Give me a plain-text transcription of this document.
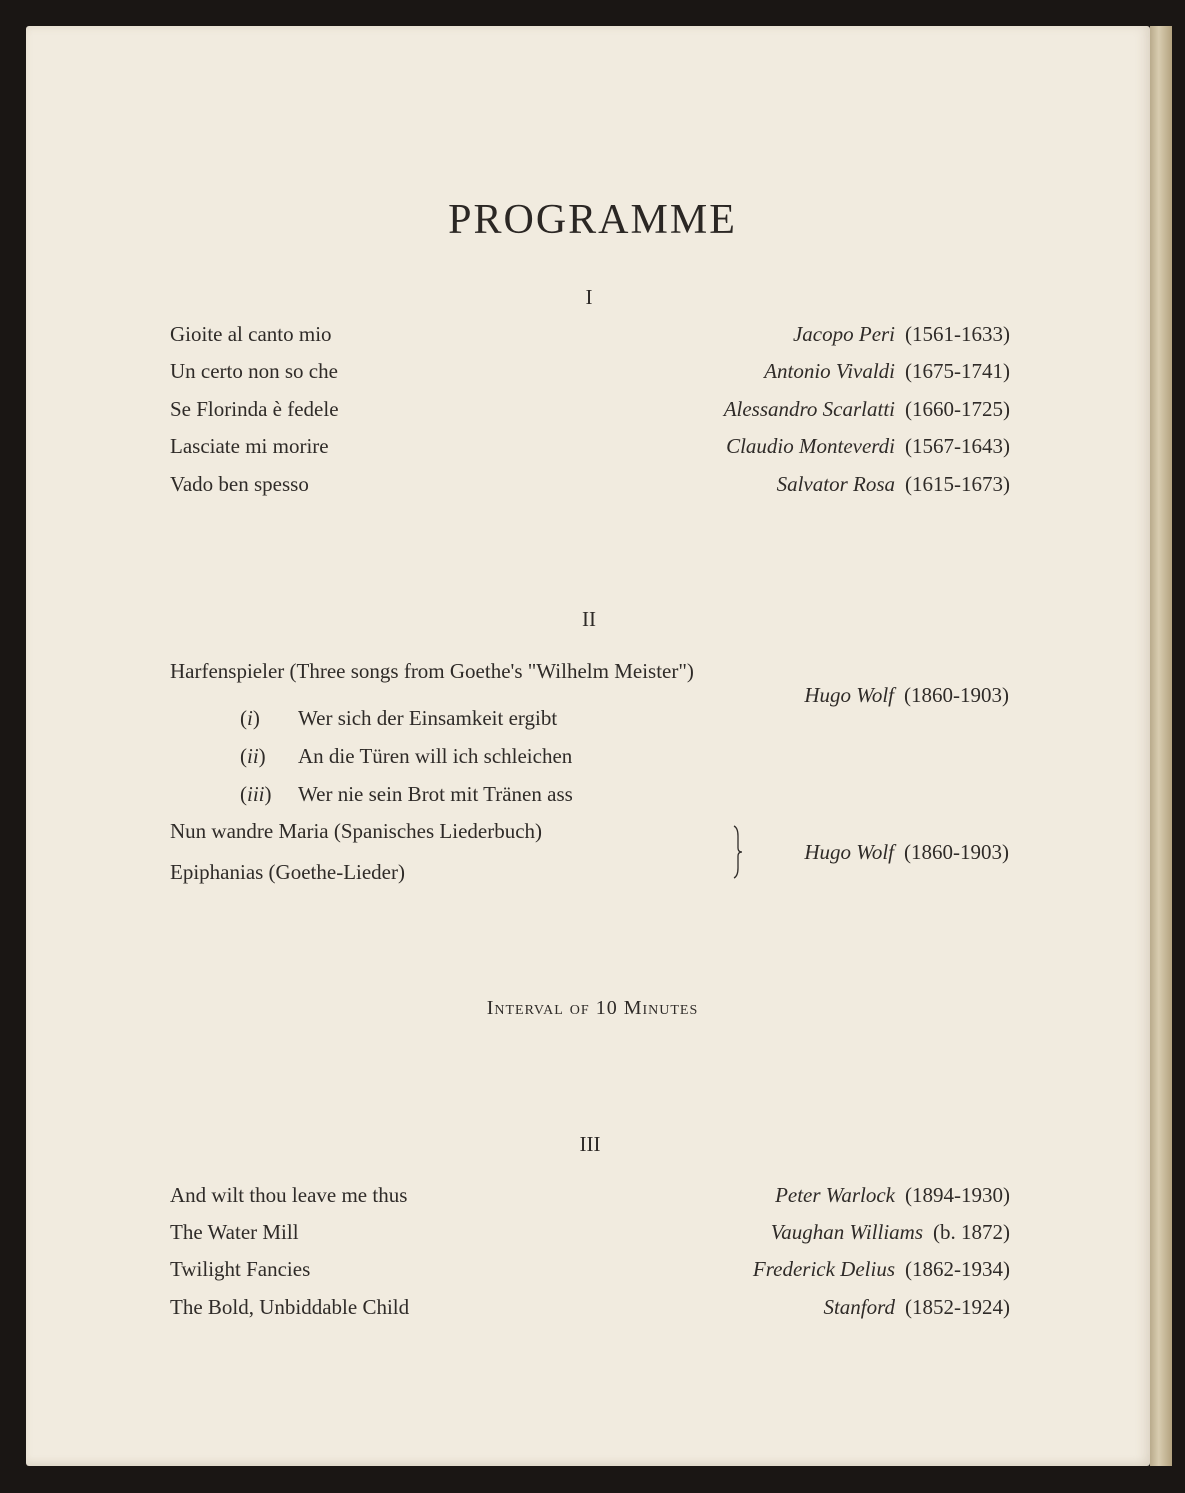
PROGRAMME
I
Gioite al canto mio	Jacopo Peri (1561-1633)
Un certo non so che	Antonio Vivaldi (1675-1741)
Se Florinda è fedele	Alessandro Scarlatti (1660-1725)
Lasciate mi morire	Claudio Monteverdi (1567-1643)
Vado ben spesso	Salvator Rosa (1615-1673)
II
Harfenspieler (Three songs from Goethe's "Wilhelm Meister")
Hugo Wolf (1860-1903)
(i) Wer sich der Einsamkeit ergibt
(ii) An die Türen will ich schleichen
(iii) Wer nie sein Brot mit Tränen ass
Nun wandre Maria (Spanisches Liederbuch)
Epiphanias (Goethe-Lieder)
Hugo Wolf (1860-1903)
Interval of 10 Minutes
III
And wilt thou leave me thus	Peter Warlock (1894-1930)
The Water Mill	Vaughan Williams (b. 1872)
Twilight Fancies	Frederick Delius (1862-1934)
The Bold, Unbiddable Child	Stanford (1852-1924)
